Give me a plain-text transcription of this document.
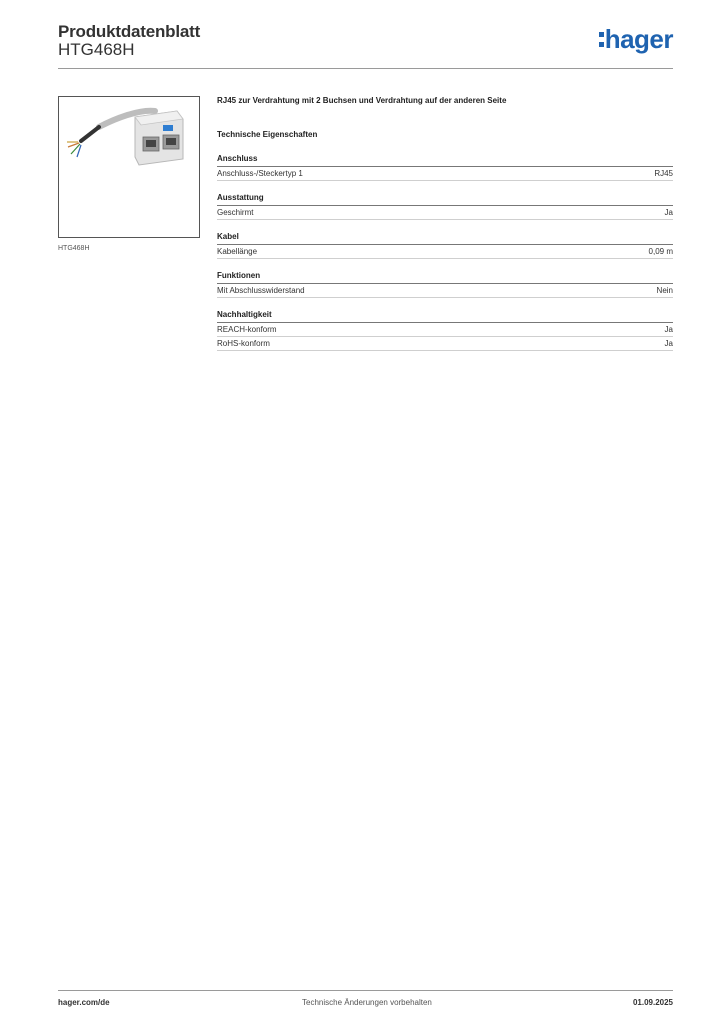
Produktdatenblatt
HTG468H	hager
HTG468H

RJ45 zur Verdrahtung mit 2 Buchsen und Verdrahtung auf der anderen Seite

Technische Eigenschaften
Anschluss
Anschluss-/Steckertyp 1	RJ45
Ausstattung
Geschirmt	Ja
Kabel
Kabellänge	0,09 m
Funktionen
Mit Abschlusswiderstand	Nein
Nachhaltigkeit
REACH-konform	Ja
RoHS-konform	Ja
hager.com/de	Technische Änderungen vorbehalten	01.09.2025
